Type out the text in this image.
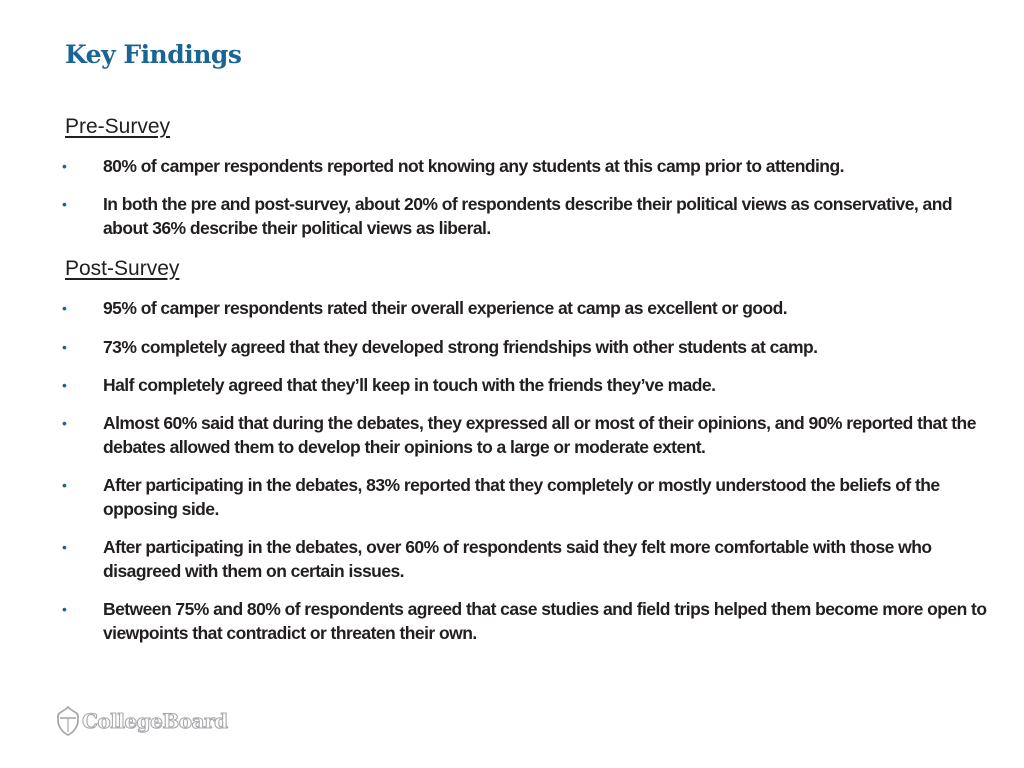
Key Findings
Pre-Survey
• 80% of camper respondents reported not knowing any students at this camp prior to attending.
• In both the pre and post-survey, about 20% of respondents describe their political views as conservative, and about 36% describe their political views as liberal.
Post-Survey
• 95% of camper respondents rated their overall experience at camp as excellent or good.
• 73% completely agreed that they developed strong friendships with other students at camp.
• Half completely agreed that they’ll keep in touch with the friends they’ve made.
• Almost 60% said that during the debates, they expressed all or most of their opinions, and 90% reported that the debates allowed them to develop their opinions to a large or moderate extent.
• After participating in the debates, 83% reported that they completely or mostly understood the beliefs of the opposing side.
• After participating in the debates, over 60% of respondents said they felt more comfortable with those who disagreed with them on certain issues.
• Between 75% and 80% of respondents agreed that case studies and field trips helped them become more open to viewpoints that contradict or threaten their own.
CollegeBoard
